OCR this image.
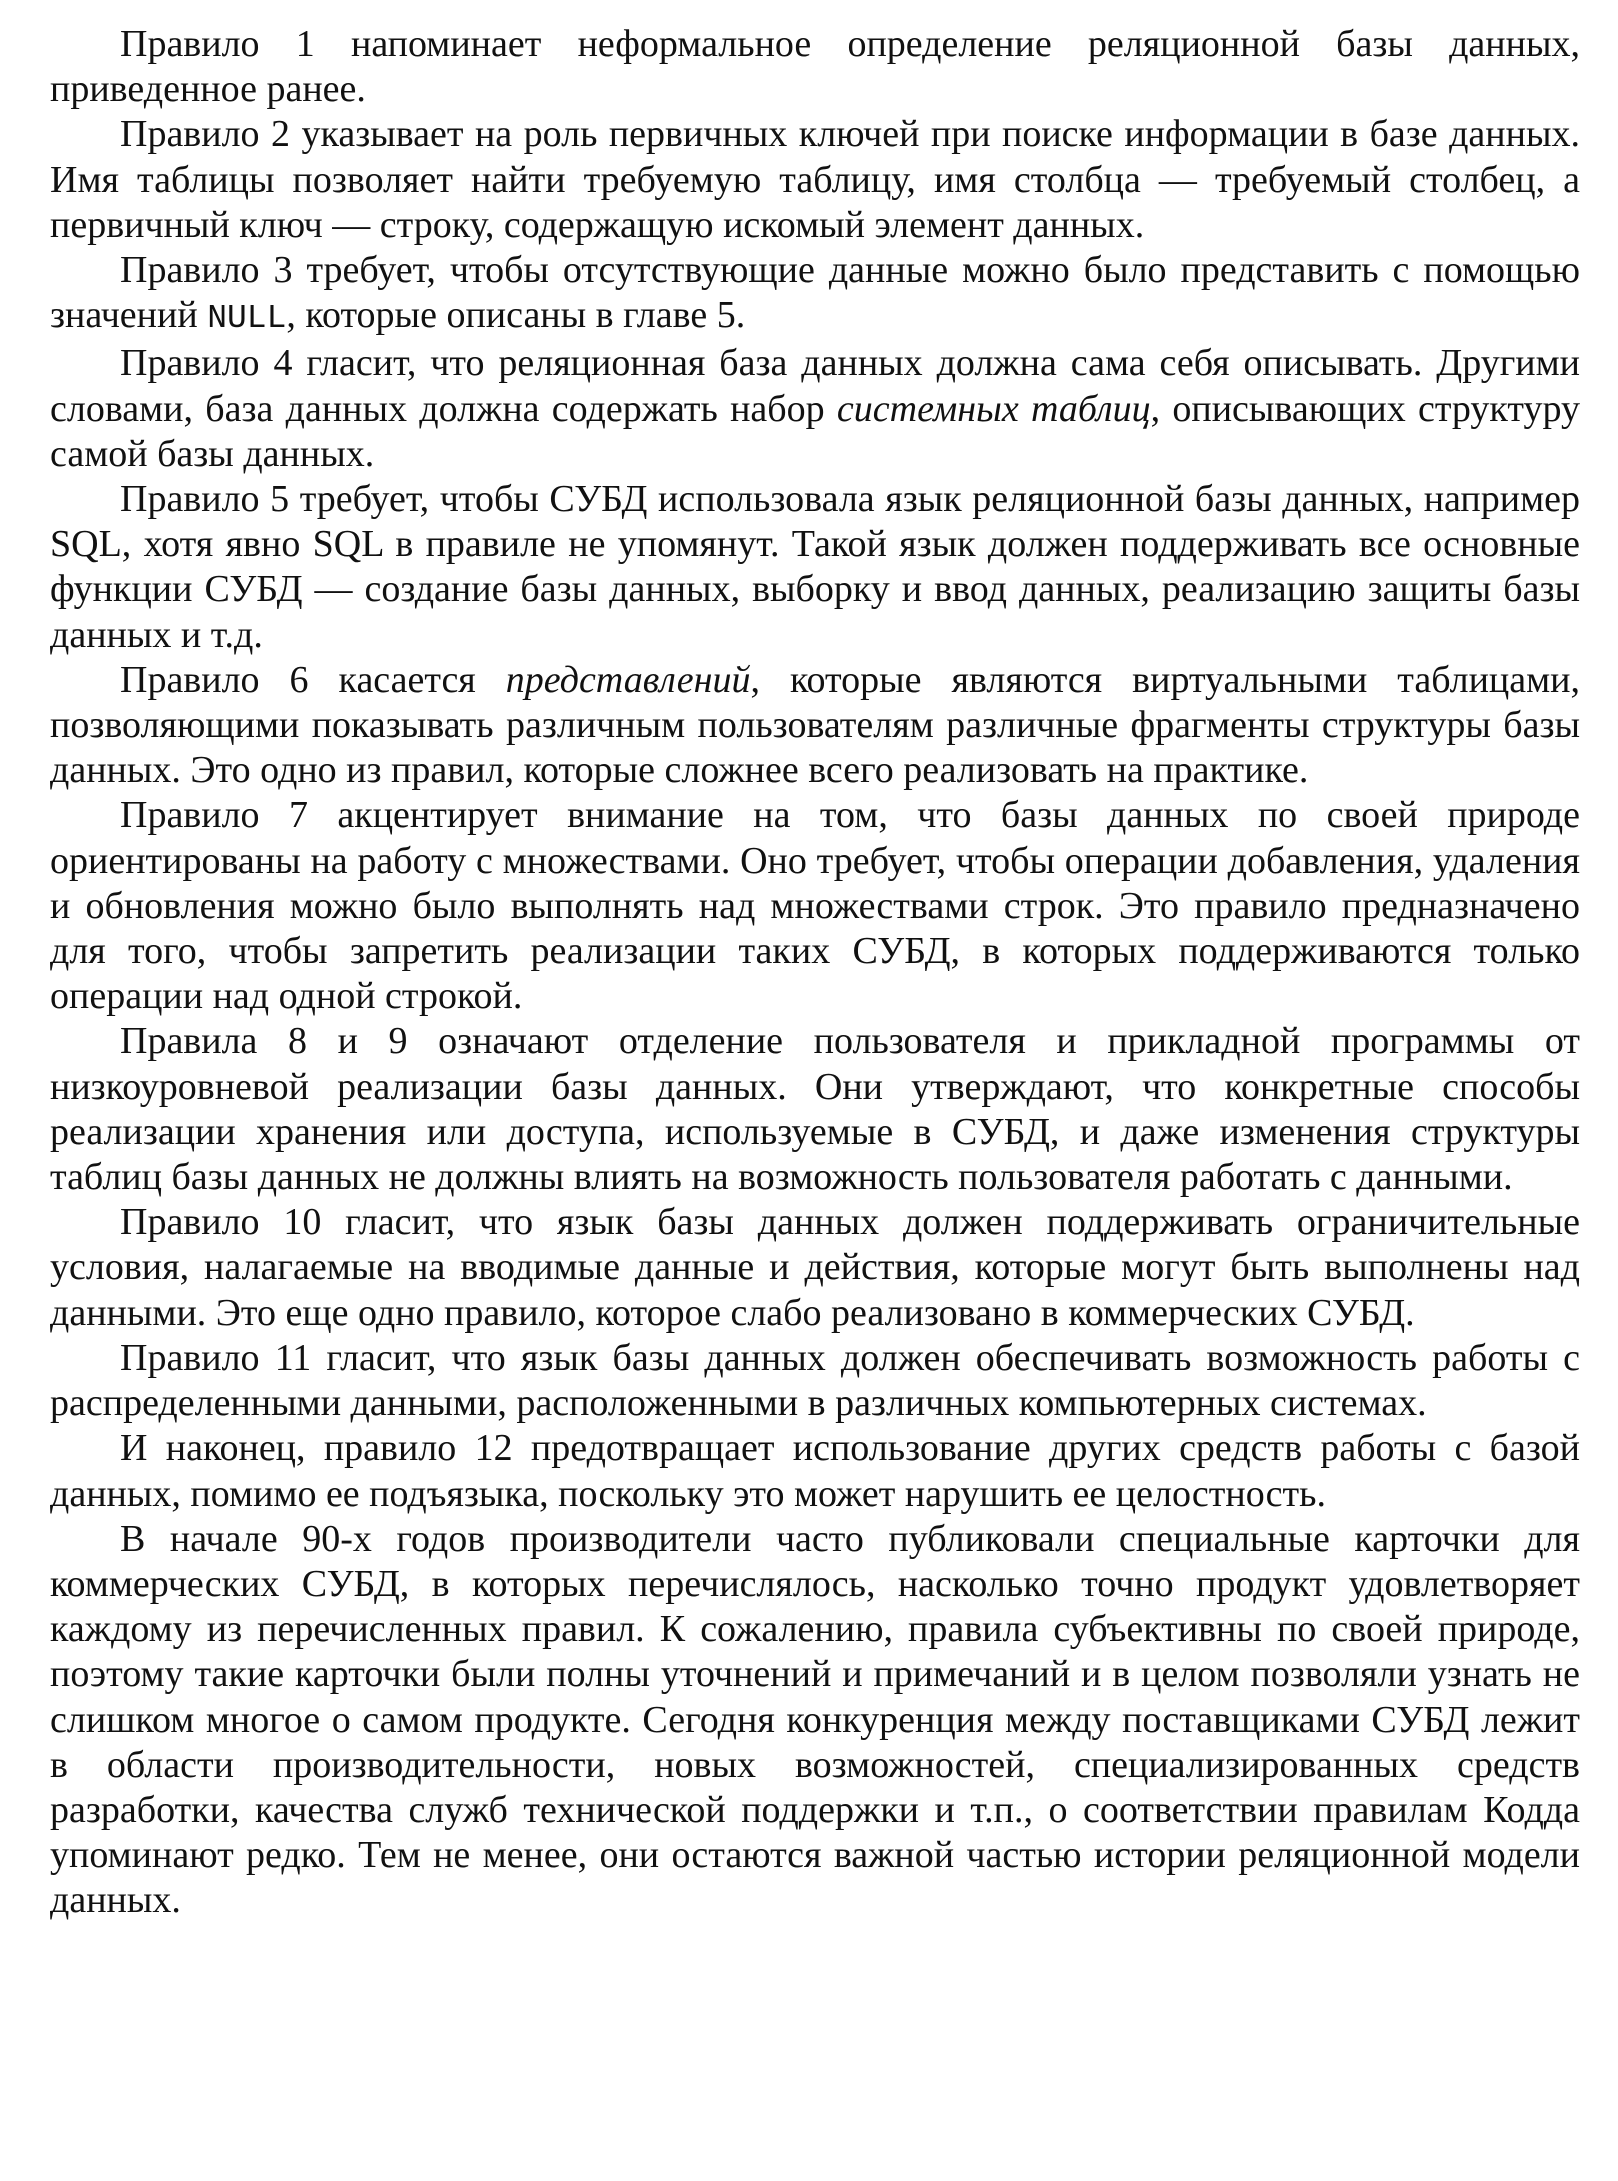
Правило 1 напоминает неформальное определение реляционной базы данных, приведенное ранее.

Правило 2 указывает на роль первичных ключей при поиске информации в базе данных. Имя таблицы позволяет найти требуемую таблицу, имя столбца — требуемый столбец, а первичный ключ — строку, содержащую искомый элемент данных.

Правило 3 требует, чтобы отсутствующие данные можно было представить с помощью значений NULL, которые описаны в главе 5.

Правило 4 гласит, что реляционная база данных должна сама себя описывать. Другими словами, база данных должна содержать набор системных таблиц, описывающих структуру самой базы данных.

Правило 5 требует, чтобы СУБД использовала язык реляционной базы данных, например SQL, хотя явно SQL в правиле не упомянут. Такой язык должен поддерживать все основные функции СУБД — создание базы данных, выборку и ввод данных, реализацию защиты базы данных и т.д.

Правило 6 касается представлений, которые являются виртуальными таблицами, позволяющими показывать различным пользователям различные фрагменты структуры базы данных. Это одно из правил, которые сложнее всего реализовать на практике.

Правило 7 акцентирует внимание на том, что базы данных по своей природе ориентированы на работу с множествами. Оно требует, чтобы операции добавления, удаления и обновления можно было выполнять над множествами строк. Это правило предназначено для того, чтобы запретить реализации таких СУБД, в которых поддерживаются только операции над одной строкой.

Правила 8 и 9 означают отделение пользователя и прикладной программы от низкоуровневой реализации базы данных. Они утверждают, что конкретные способы реализации хранения или доступа, используемые в СУБД, и даже изменения структуры таблиц базы данных не должны влиять на возможность пользователя работать с данными.

Правило 10 гласит, что язык базы данных должен поддерживать ограничительные условия, налагаемые на вводимые данные и действия, которые могут быть выполнены над данными. Это еще одно правило, которое слабо реализовано в коммерческих СУБД.

Правило 11 гласит, что язык базы данных должен обеспечивать возможность работы с распределенными данными, расположенными в различных компьютерных системах.

И наконец, правило 12 предотвращает использование других средств работы с базой данных, помимо ее подъязыка, поскольку это может нарушить ее целостность.

В начале 90-х годов производители часто публиковали специальные карточки для коммерческих СУБД, в которых перечислялось, насколько точно продукт удовлетворяет каждому из перечисленных правил. К сожалению, правила субъективны по своей природе, поэтому такие карточки были полны уточнений и примечаний и в целом позволяли узнать не слишком многое о самом продукте. Сегодня конкуренция между поставщиками СУБД лежит в области производительности, новых возможностей, специализированных средств разработки, качества служб технической поддержки и т.п., о соответствии правилам Кодда упоминают редко. Тем не менее, они остаются важной частью истории реляционной модели данных.
